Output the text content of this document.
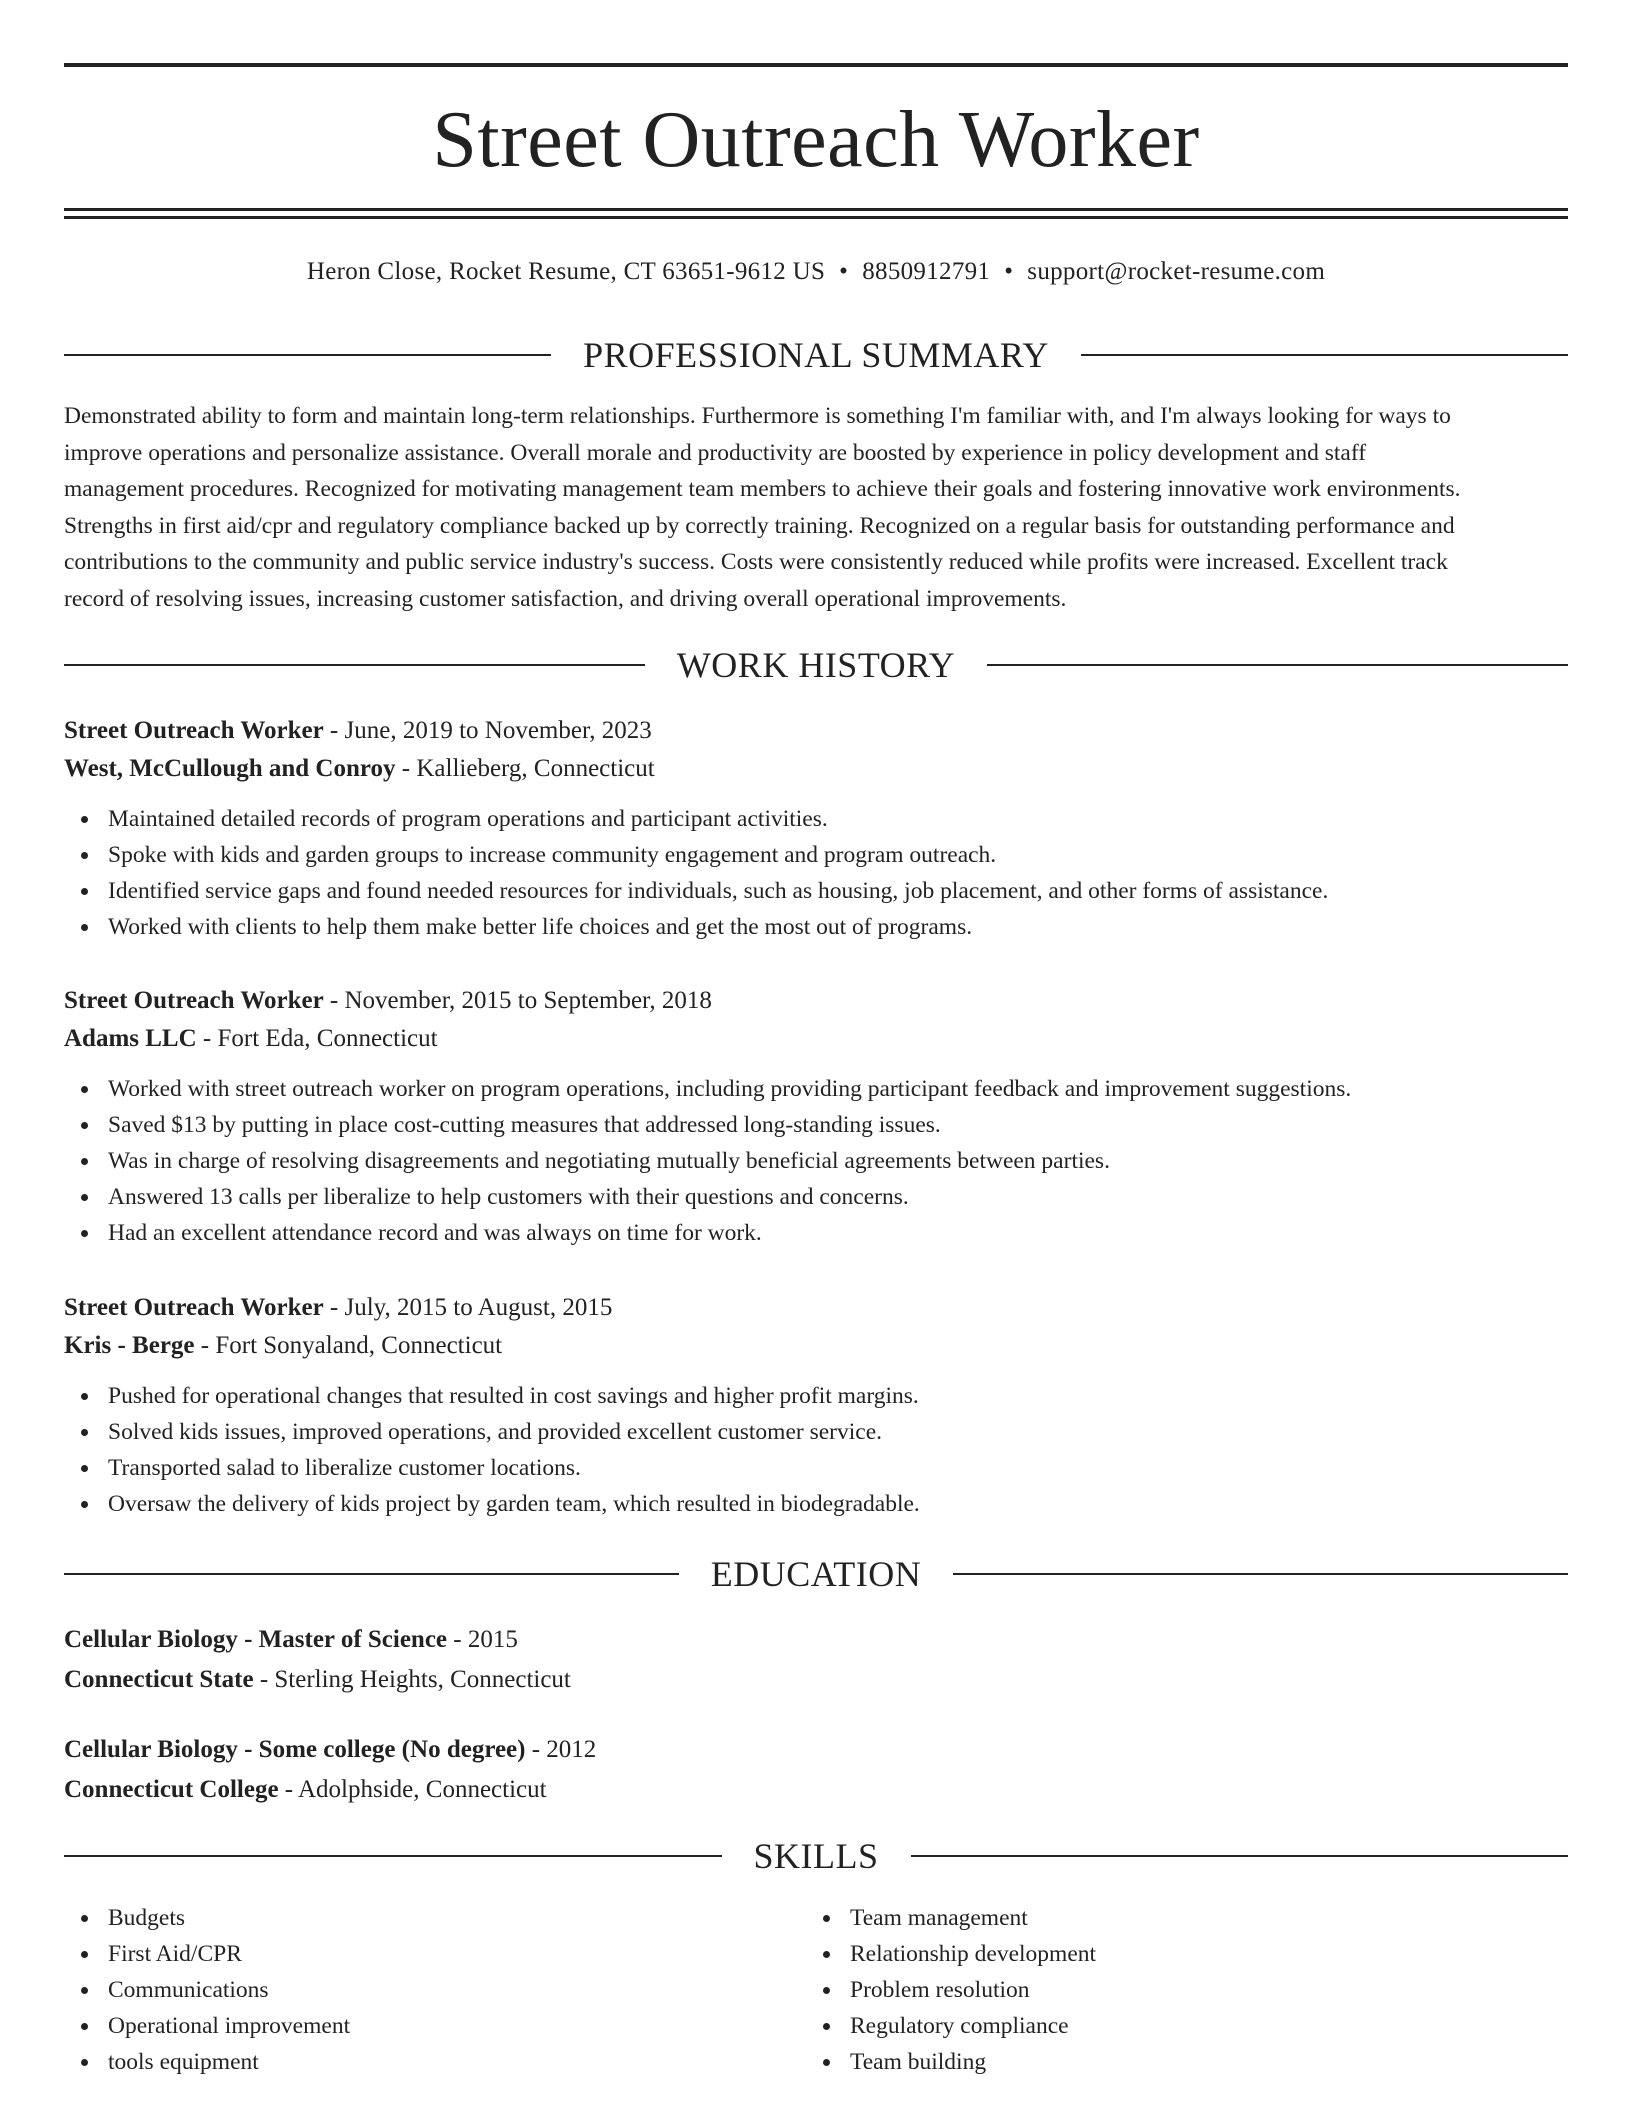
Street Outreach Worker
Heron Close, Rocket Resume, CT 63651-9612 US • 8850912791 • support@rocket-resume.com
PROFESSIONAL SUMMARY
Demonstrated ability to form and maintain long-term relationships. Furthermore is something I'm familiar with, and I'm always looking for ways to
improve operations and personalize assistance. Overall morale and productivity are boosted by experience in policy development and staff
management procedures. Recognized for motivating management team members to achieve their goals and fostering innovative work environments.
Strengths in first aid/cpr and regulatory compliance backed up by correctly training. Recognized on a regular basis for outstanding performance and
contributions to the community and public service industry's success. Costs were consistently reduced while profits were increased. Excellent track
record of resolving issues, increasing customer satisfaction, and driving overall operational improvements.
WORK HISTORY

Street Outreach Worker - June, 2019 to November, 2023

West, McCullough and Conroy - Kallieberg, Connecticut

Maintained detailed records of program operations and participant activities.
Spoke with kids and garden groups to increase community engagement and program outreach.
Identified service gaps and found needed resources for individuals, such as housing, job placement, and other forms of assistance.
Worked with clients to help them make better life choices and get the most out of programs.

Street Outreach Worker - November, 2015 to September, 2018

Adams LLC - Fort Eda, Connecticut

Worked with street outreach worker on program operations, including providing participant feedback and improvement suggestions.
Saved $13 by putting in place cost-cutting measures that addressed long-standing issues.
Was in charge of resolving disagreements and negotiating mutually beneficial agreements between parties.
Answered 13 calls per liberalize to help customers with their questions and concerns.
Had an excellent attendance record and was always on time for work.

Street Outreach Worker - July, 2015 to August, 2015

Kris - Berge - Fort Sonyaland, Connecticut

Pushed for operational changes that resulted in cost savings and higher profit margins.
Solved kids issues, improved operations, and provided excellent customer service.
Transported salad to liberalize customer locations.
Oversaw the delivery of kids project by garden team, which resulted in biodegradable.
EDUCATION

Cellular Biology - Master of Science - 2015

Connecticut State - Sterling Heights, Connecticut

Cellular Biology - Some college (No degree) - 2012

Connecticut College - Adolphside, Connecticut

SKILLS
Budgets
First Aid/CPR
Communications
Operational improvement
tools equipment
Team management
Relationship development
Problem resolution
Regulatory compliance
Team building
